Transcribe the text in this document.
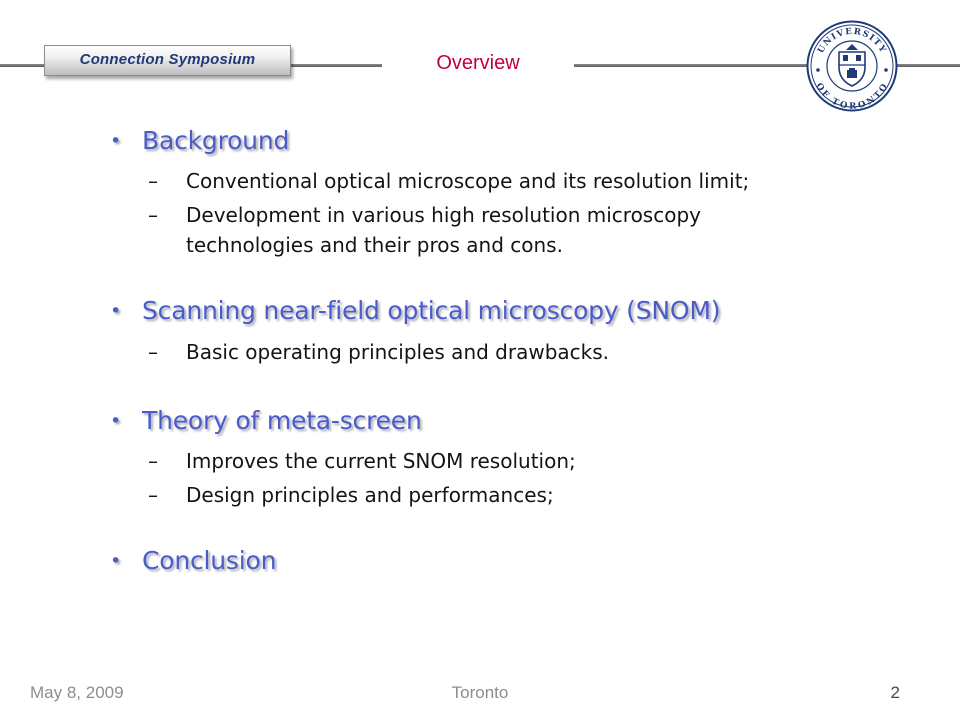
Connection Symposium	Overview
UNIVERSITY
OF TORONTO
• Background
–	Conventional optical microscope and its resolution limit;
–	Development in various high resolution microscopy technologies and their pros and cons.
• Scanning near-field optical microscopy (SNOM)
–	Basic operating principles and drawbacks.
• Theory of meta-screen
–	Improves the current SNOM resolution;
–	Design principles and performances;
• Conclusion
May 8, 2009	Toronto	2
